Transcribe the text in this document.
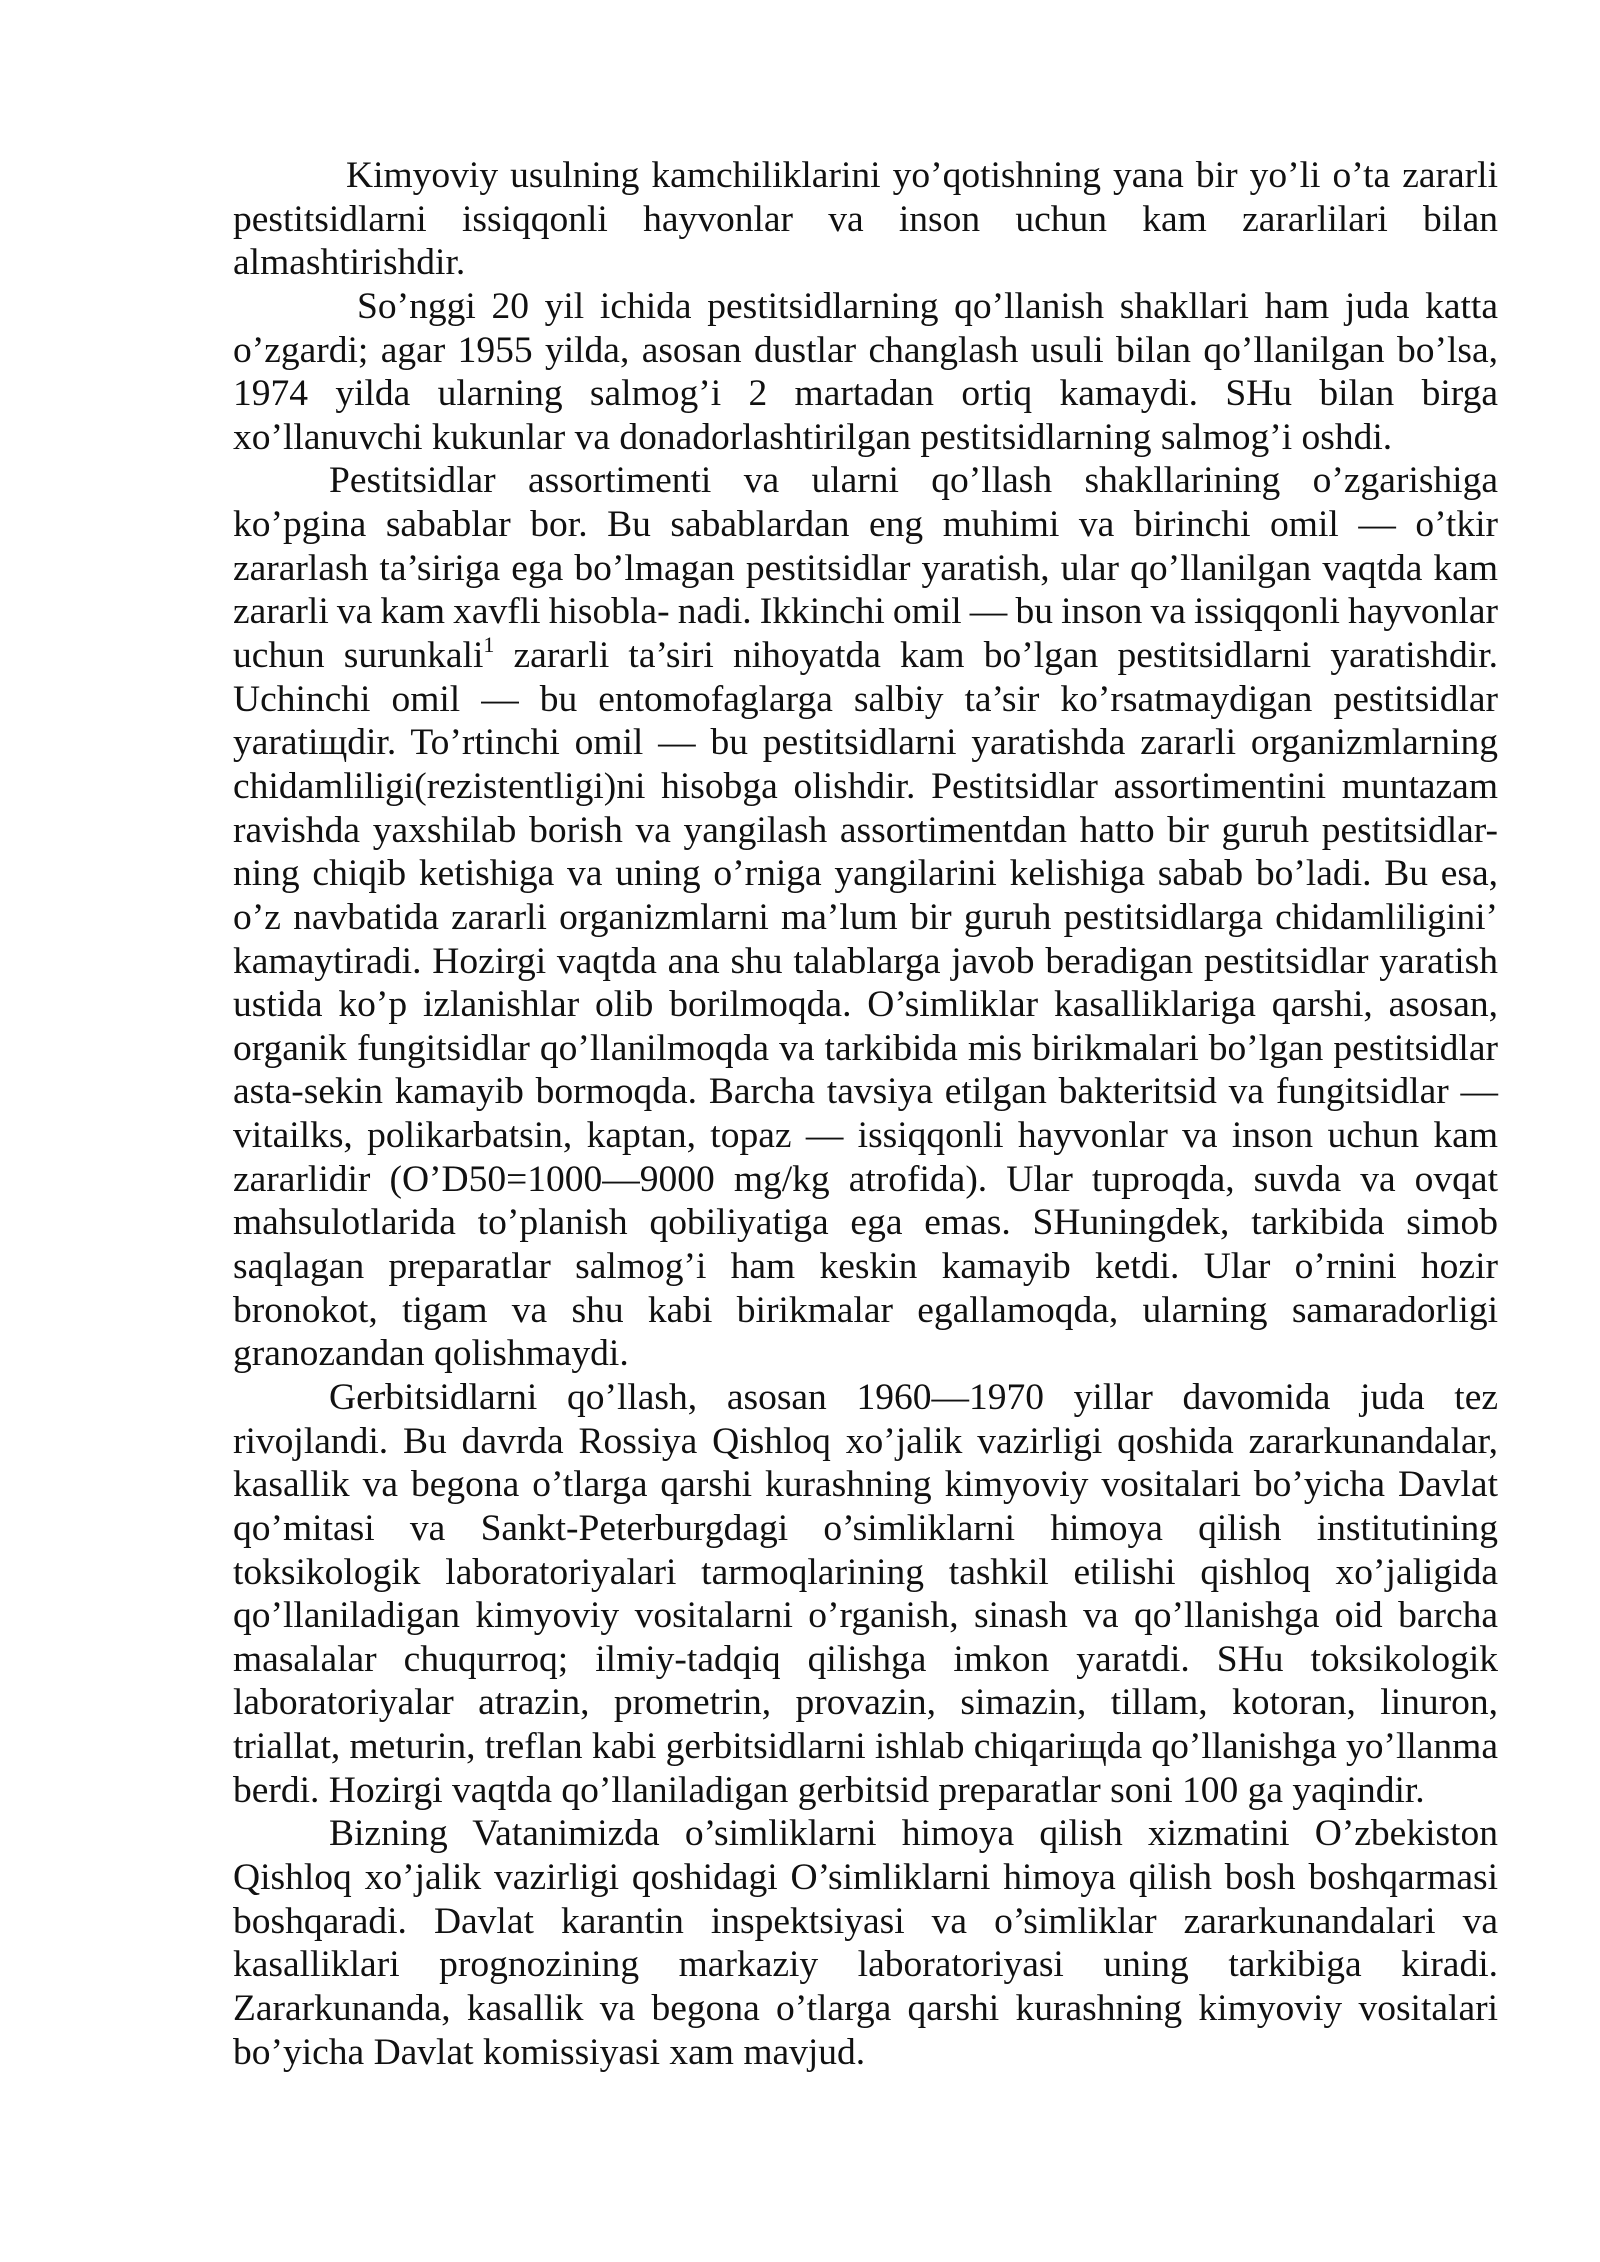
Kimyoviy usulning kamchiliklarini yo’qotishning yana bir yo’li o’ta zararli
pestitsidlarni issiqqonli hayvonlar va inson uchun kam zararlilari bilan
almashtirishdir.
So’nggi 20 yil ichida pestitsidlarning qo’llanish shakllari ham juda katta
o’zgardi; agar 1955 yilda, asosan dustlar changlash usuli bilan qo’llanilgan bo’lsa,
1974 yilda ularning salmog’i 2 martadan ortiq kamaydi. SHu bilan birga
xo’llanuvchi kukunlar va donadorlashtirilgan pestitsidlarning salmog’i oshdi.
Pestitsidlar assortimenti va ularni qo’llash shakllarining o’zgarishiga
ko’pgina sabablar bor. Bu sabablardan eng muhimi va birinchi omil — o’tkir
zararlash ta’siriga ega bo’lmagan pestitsidlar yaratish, ular qo’llanilgan vaqtda kam
zararli va kam xavfli hisobla- nadi. Ikkinchi omil — bu inson va issiqqonli hayvonlar
uchun surunkali$^1$ zararli ta’siri nihoyatda kam bo’lgan pestitsidlarni yaratishdir.
Uchinchi omil — bu entomofaglarga salbiy ta’sir ko’rsatmaydigan pestitsidlar
yaratiщdir. To’rtinchi omil — bu pestitsidlarni yaratishda zararli organizmlarning
chidamliligi(rezistentligi)ni hisobga olishdir. Pestitsidlar assortimentini muntazam
ravishda yaxshilab borish va yangilash assortimentdan hatto bir guruh pestitsidlar-
ning chiqib ketishiga va uning o’rniga yangilarini kelishiga sabab bo’ladi. Bu esa,
o’z navbatida zararli organizmlarni ma’lum bir guruh pestitsidlarga chidamliligini’
kamaytiradi. Hozirgi vaqtda ana shu talablarga javob beradigan pestitsidlar yaratish
ustida ko’p izlanishlar olib borilmoqda. O’simliklar kasalliklariga qarshi, asosan,
organik fungitsidlar qo’llanilmoqda va tarkibida mis birikmalari bo’lgan pestitsidlar
asta-sekin kamayib bormoqda. Barcha tavsiya etilgan bakteritsid va fungitsidlar —
vitailks, polikarbatsin, kaptan, topaz — issiqqonli hayvonlar va inson uchun kam
zararlidir (O’D50=1000—9000 mg/kg atrofida). Ular tuproqda, suvda va ovqat
mahsulotlarida to’planish qobiliyatiga ega emas. SHuningdek, tarkibida simob
saqlagan preparatlar salmog’i ham keskin kamayib ketdi. Ular o’rnini hozir
bronokot, tigam va shu kabi birikmalar egallamoqda, ularning samaradorligi
granozandan qolishmaydi.
Gerbitsidlarni qo’llash, asosan 1960—1970 yillar davomida juda tez
rivojlandi. Bu davrda Rossiya Qishloq xo’jalik vazirligi qoshida zararkunandalar,
kasallik va begona o’tlarga qarshi kurashning kimyoviy vositalari bo’yicha Davlat
qo’mitasi va Sankt-Peterburgdagi o’simliklarni himoya qilish institutining
toksikologik laboratoriyalari tarmoqlarining tashkil etilishi qishloq xo’jaligida
qo’llaniladigan kimyoviy vositalarni o’rganish, sinash va qo’llanishga oid barcha
masalalar chuqurroq; ilmiy-tadqiq qilishga imkon yaratdi. SHu toksikologik
laboratoriyalar atrazin, prometrin, provazin, simazin, tillam, kotoran, linuron,
triallat, meturin, treflan kabi gerbitsidlarni ishlab chiqariщda qo’llanishga yo’llanma
berdi. Hozirgi vaqtda qo’llaniladigan gerbitsid preparatlar soni 100 ga yaqindir.
Bizning Vatanimizda o’simliklarni himoya qilish xizmatini O’zbekiston
Qishloq xo’jalik vazirligi qoshidagi O’simliklarni himoya qilish bosh boshqarmasi
boshqaradi. Davlat karantin inspektsiyasi va o’simliklar zararkunandalari va
kasalliklari prognozining markaziy laboratoriyasi uning tarkibiga kiradi.
Zararkunanda, kasallik va begona o’tlarga qarshi kurashning kimyoviy vositalari
bo’yicha Davlat komissiyasi xam mavjud.
